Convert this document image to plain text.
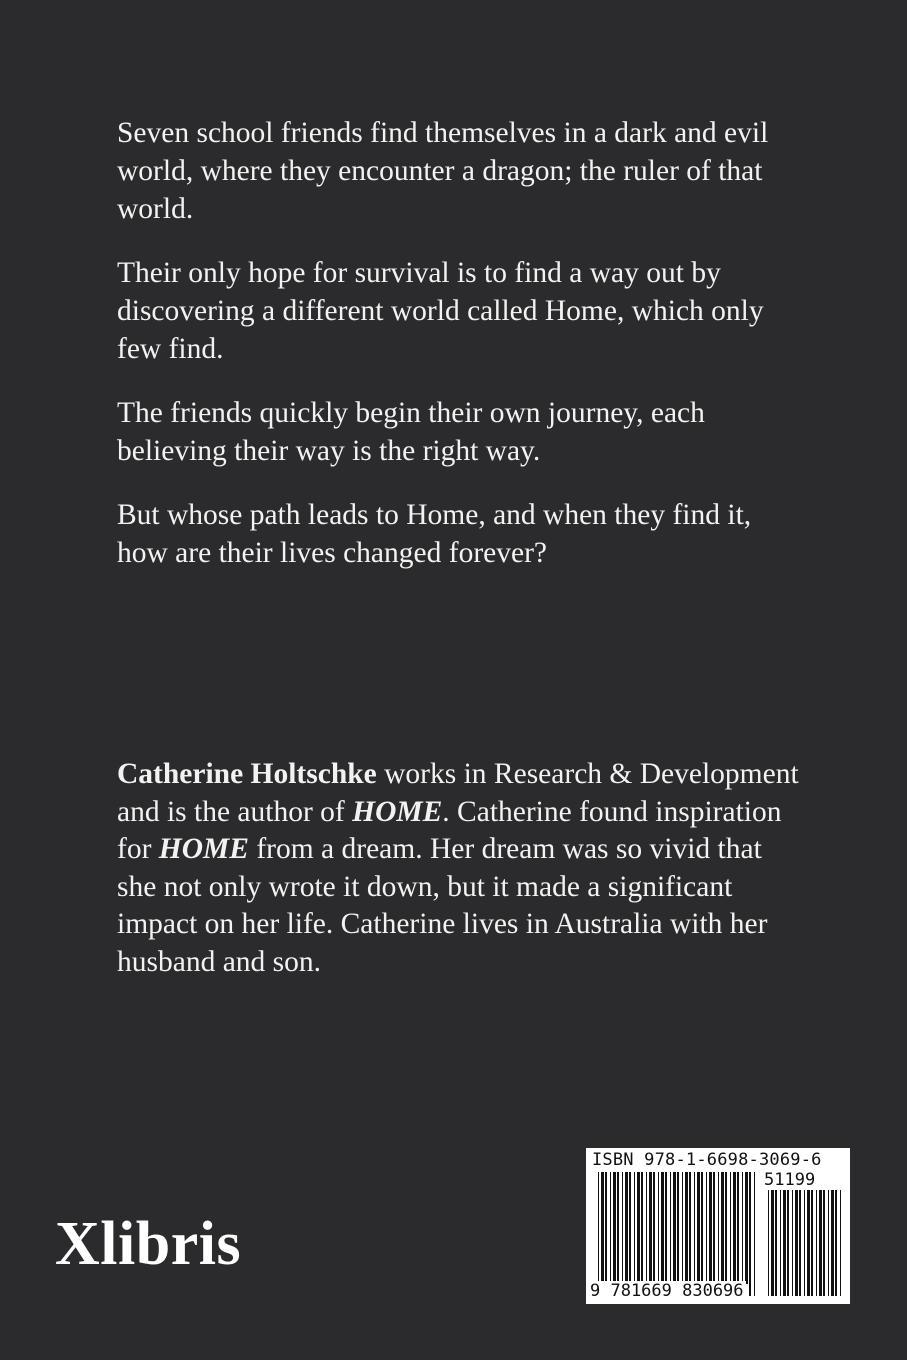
Seven school friends find themselves in a dark and evil world, where they encounter a dragon; the ruler of that world.

Their only hope for survival is to find a way out by discovering a different world called Home, which only few find.

The friends quickly begin their own journey, each believing their way is the right way.

But whose path leads to Home, and when they find it, how are their lives changed forever?

Catherine Holtschke works in Research & Development and is the author of HOME. Catherine found inspiration for HOME from a dream. Her dream was so vivid that she not only wrote it down, but it made a significant impact on her life. Catherine lives in Australia with her husband and son.
Xlibris
ISBN 978-1-6698-3069-6
51199
9 781669 830696
